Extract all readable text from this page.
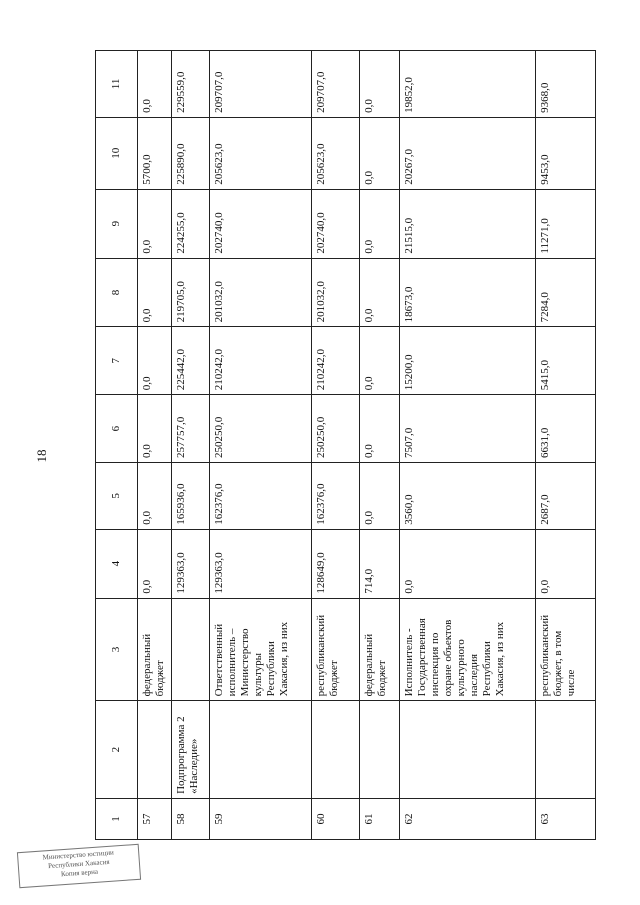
18
Министерство юстиции
Республики Хакасия
Копия верна
1	2	3	4	5	6	7	8	9	10	11
57		федеральный бюджет	0,0	0,0	0,0	0,0	0,0	0,0	5700,0	0,0
58	Подпрограмма 2 «Наследие»		129363,0	165936,0	257757,0	225442,0	219705,0	224255,0	225890,0	229559,0
59		Ответственный исполнитель – Министерство культуры Республики Хакасия, из них	129363,0	162376,0	250250,0	210242,0	201032,0	202740,0	205623,0	209707,0
60		республиканский бюджет	128649,0	162376,0	250250,0	210242,0	201032,0	202740,0	205623,0	209707,0
61		федеральный бюджет	714,0	0,0	0,0	0,0	0,0	0,0	0,0	0,0
62		Исполнитель - Государственная инспекция по охране объектов культурного наследия Республики Хакасия, из них	0,0	3560,0	7507,0	15200,0	18673,0	21515,0	20267,0	19852,0
63		республиканский бюджет, в том числе	0,0	2687,0	6631,0	5415,0	7284,0	11271,0	9453,0	9368,0
